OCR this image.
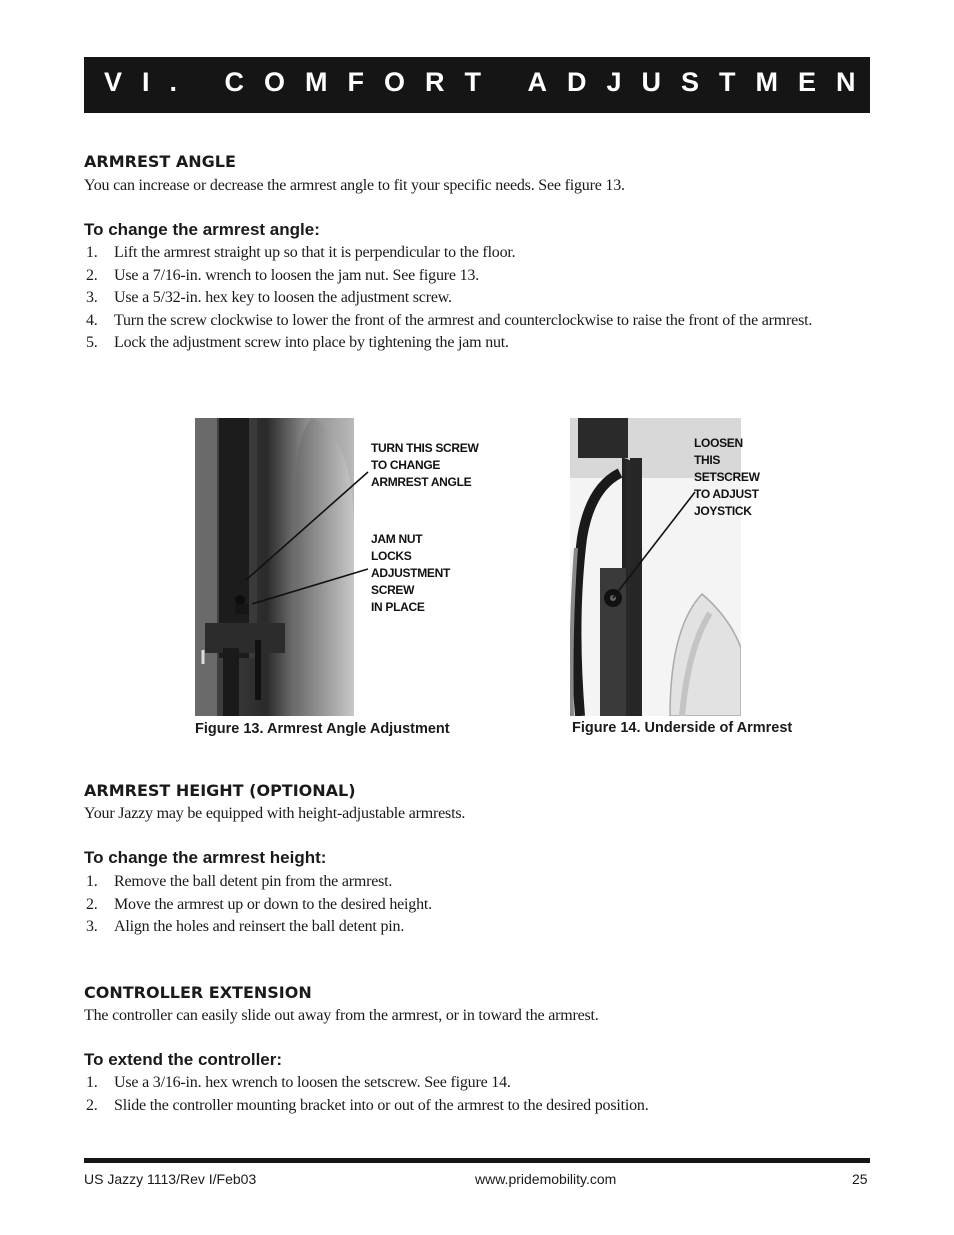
VI. COMFORT ADJUSTMENTS
ARMREST ANGLE
You can increase or decrease the armrest angle to fit your specific needs. See figure 13.
To change the armrest angle:
1. Lift the armrest straight up so that it is perpendicular to the floor.
2. Use a 7/16-in. wrench to loosen the jam nut. See figure 13.
3. Use a 5/32-in. hex key to loosen the adjustment screw.
4. Turn the screw clockwise to lower the front of the armrest and counterclockwise to raise the front of the armrest.
5. Lock the adjustment screw into place by tightening the jam nut.
TURN THIS SCREW
TO CHANGE
ARMREST ANGLE
JAM NUT
LOCKS
ADJUSTMENT
SCREW
IN PLACE
Figure 13. Armrest Angle Adjustment
LOOSEN
THIS
SETSCREW
TO ADJUST
JOYSTICK
Figure 14. Underside of Armrest
ARMREST HEIGHT (OPTIONAL)
Your Jazzy may be equipped with height-adjustable armrests.
To change the armrest height:
1. Remove the ball detent pin from the armrest.
2. Move the armrest up or down to the desired height.
3. Align the holes and reinsert the ball detent pin.
CONTROLLER EXTENSION
The controller can easily slide out away from the armrest, or in toward the armrest.
To extend the controller:
1. Use a 3/16-in. hex wrench to loosen the setscrew. See figure 14.
2. Slide the controller mounting bracket into or out of the armrest to the desired position.
US Jazzy 1113/Rev I/Feb03	www.pridemobility.com	25
